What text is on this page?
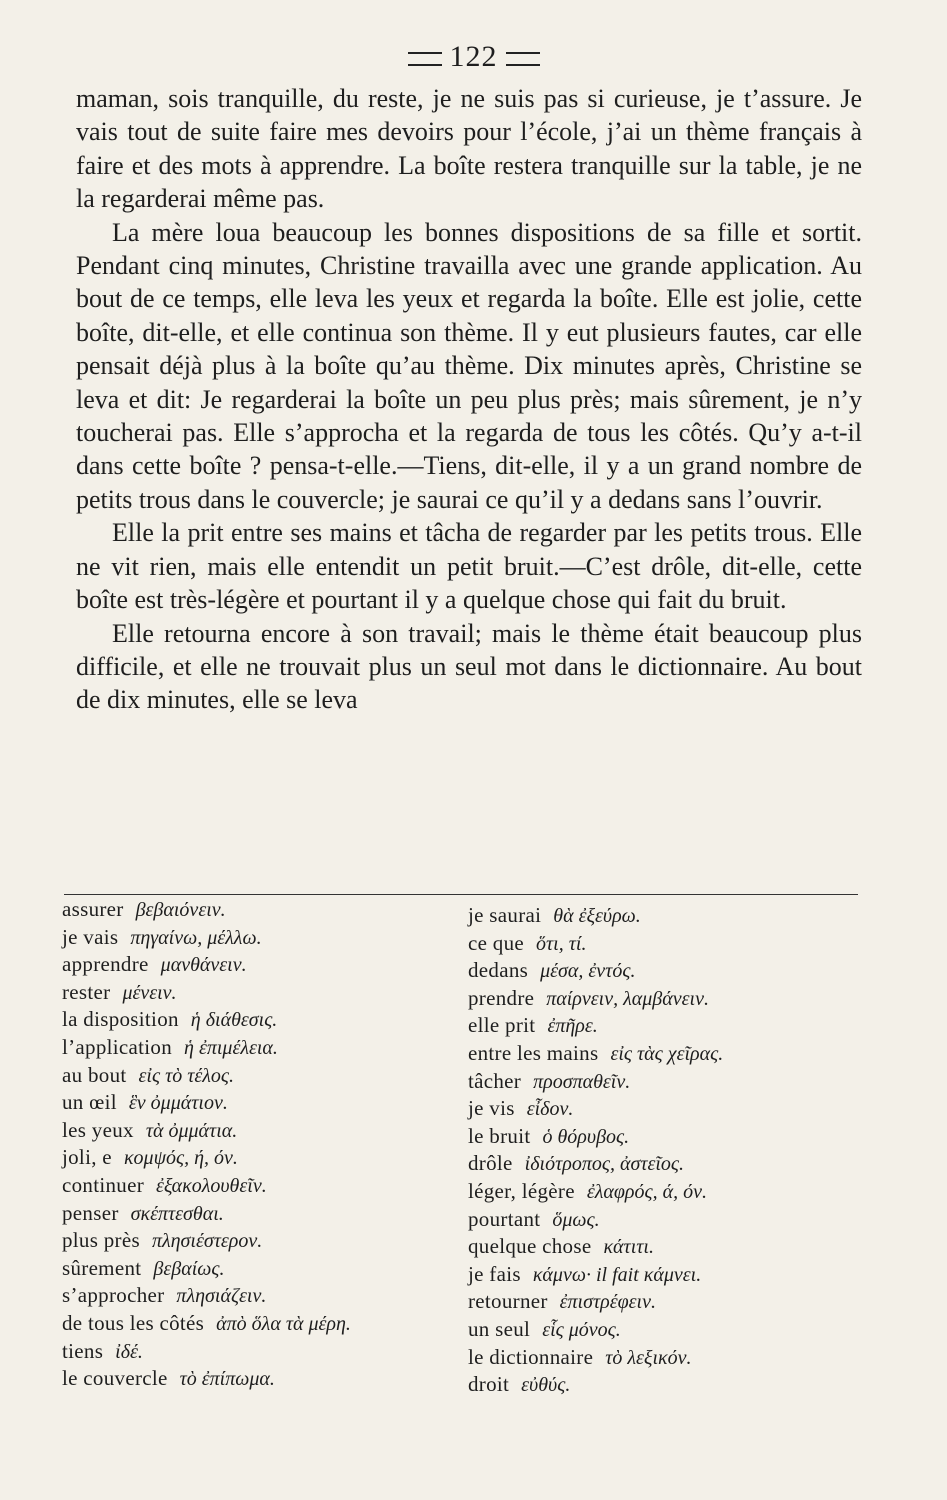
122

maman, sois tranquille, du reste, je ne suis pas si curieuse, je t’assure. Je vais tout de suite faire mes devoirs pour l’école, j’ai un thème français à faire et des mots à apprendre. La boîte restera tranquille sur la table, je ne la regarderai même pas.

La mère loua beaucoup les bonnes dispositions de sa fille et sortit. Pendant cinq minutes, Christine travailla avec une grande application. Au bout de ce temps, elle leva les yeux et regarda la boîte. Elle est jolie, cette boîte, dit-elle, et elle continua son thème. Il y eut plusieurs fautes, car elle pensait déjà plus à la boîte qu’au thème. Dix minutes après, Christine se leva et dit: Je regarderai la boîte un peu plus près; mais sûrement, je n’y toucherai pas. Elle s’approcha et la regarda de tous les côtés. Qu’y a-t-il dans cette boîte ? pensa-t-elle.—Tiens, dit-elle, il y a un grand nombre de petits trous dans le couvercle; je saurai ce qu’il y a dedans sans l’ouvrir.

Elle la prit entre ses mains et tâcha de regarder par les petits trous. Elle ne vit rien, mais elle entendit un petit bruit.—C’est drôle, dit-elle, cette boîte est très-légère et pourtant il y a quelque chose qui fait du bruit.

Elle retourna encore à son travail; mais le thème était beaucoup plus difficile, et elle ne trouvait plus un seul mot dans le dictionnaire. Au bout de dix minutes, elle se leva

assurer βεβαιόνειν.
je vais πηγαίνω, μέλλω.
apprendre μανθάνειν.
rester μένειν.
la disposition ἡ διάθεσις.
l’application ἡ ἐπιμέλεια.
au bout εἰς τὸ τέλος.
un œil ἓν ὀμμάτιον.
les yeux τὰ ὀμμάτια.
joli, e κομψός, ή, όν.
continuer ἐξακολουθεῖν.
penser σκέπτεσθαι.
plus près πλησιέστερον.
sûrement βεβαίως.
s’approcher πλησιάζειν.
de tous les côtés ἀπὸ ὅλα τὰ μέρη.
tiens ἰδέ.
le couvercle τὸ ἐπίπωμα.
je saurai θὰ ἐξεύρω.
ce que ὅτι, τί.
dedans μέσα, ἐντός.
prendre παίρνειν, λαμβάνειν.
elle prit ἐπῆρε.
entre les mains εἰς τὰς χεῖρας.
tâcher προσπαθεῖν.
je vis εἶδον.
le bruit ὁ θόρυβος.
drôle ἰδιότροπος, ἀστεῖος.
léger, légère ἐλαφρός, ά, όν.
pourtant ὅμως.
quelque chose κάτιτι.
je fais κάμνω· il fait κάμνει.
retourner ἐπιστρέφειν.
un seul εἷς μόνος.
le dictionnaire τὸ λεξικόν.
droit εὐθύς.
